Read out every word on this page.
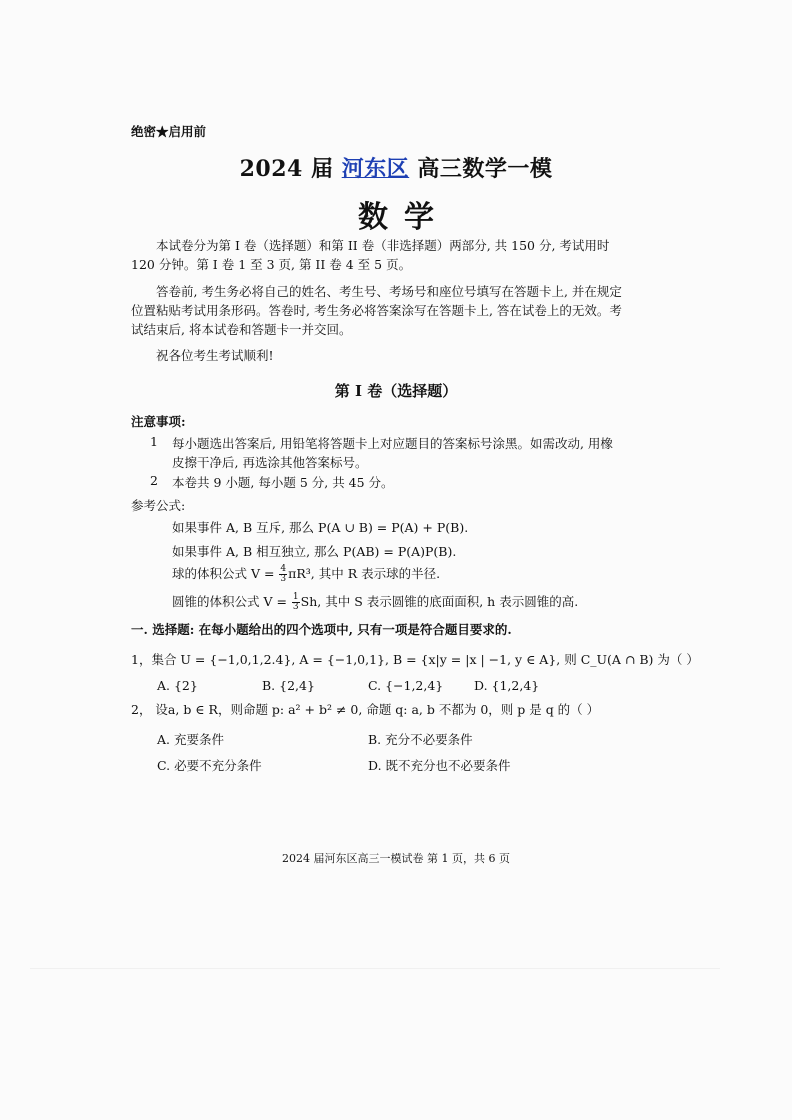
绝密★启用前
2024 届 河东区 高三数学一模
数学
本试卷分为第 I 卷（选择题）和第 II 卷（非选择题）两部分, 共 150 分, 考试用时 120 分钟。第 I 卷 1 至 3 页, 第 II 卷 4 至 5 页。
答卷前, 考生务必将自己的姓名、考生号、考场号和座位号填写在答题卡上, 并在规定位置粘贴考试用条形码。答卷时, 考生务必将答案涂写在答题卡上, 答在试卷上的无效。考试结束后, 将本试卷和答题卡一并交回。
祝各位考生考试顺利!
第 I 卷（选择题）
注意事项:
1 每小题选出答案后, 用铅笔将答题卡上对应题目的答案标号涂黑。如需改动, 用橡皮擦干净后, 再选涂其他答案标号。
2 本卷共 9 小题, 每小题 5 分, 共 45 分。
参考公式:
如果事件 A, B 互斥, 那么 P(A ∪ B) = P(A) + P(B).
如果事件 A, B 相互独立, 那么 P(AB) = P(A)P(B).
球的体积公式 $V = \frac{4}{3} \pi R^3$, 其中 R 表示球的半径.
圆锥的体积公式 $V = \frac{1}{3} Sh$, 其中 S 表示圆锥的底面面积, h 表示圆锥的高.
一. 选择题: 在每小题给出的四个选项中, 只有一项是符合题目要求的.
1，集合 U = {−1,0,1,2.4}, A = {−1,0,1}, B = {x|y = |x | −1, y ∈ A}, 则 C_U(A ∩ B) 为（ ）
A. {2}	B. {2,4}	C. {−1,2,4} D. {1,2,4}
2， 设a, b ∈ R，则命题 p: a² + b² ≠ 0, 命题 q: a, b 不都为 0，则 p 是 q 的（ ）
A. 充要条件	B. 充分不必要条件
C. 必要不充分条件	D. 既不充分也不必要条件
2024 届河东区高三一模试卷 第 1 页，共 6 页
